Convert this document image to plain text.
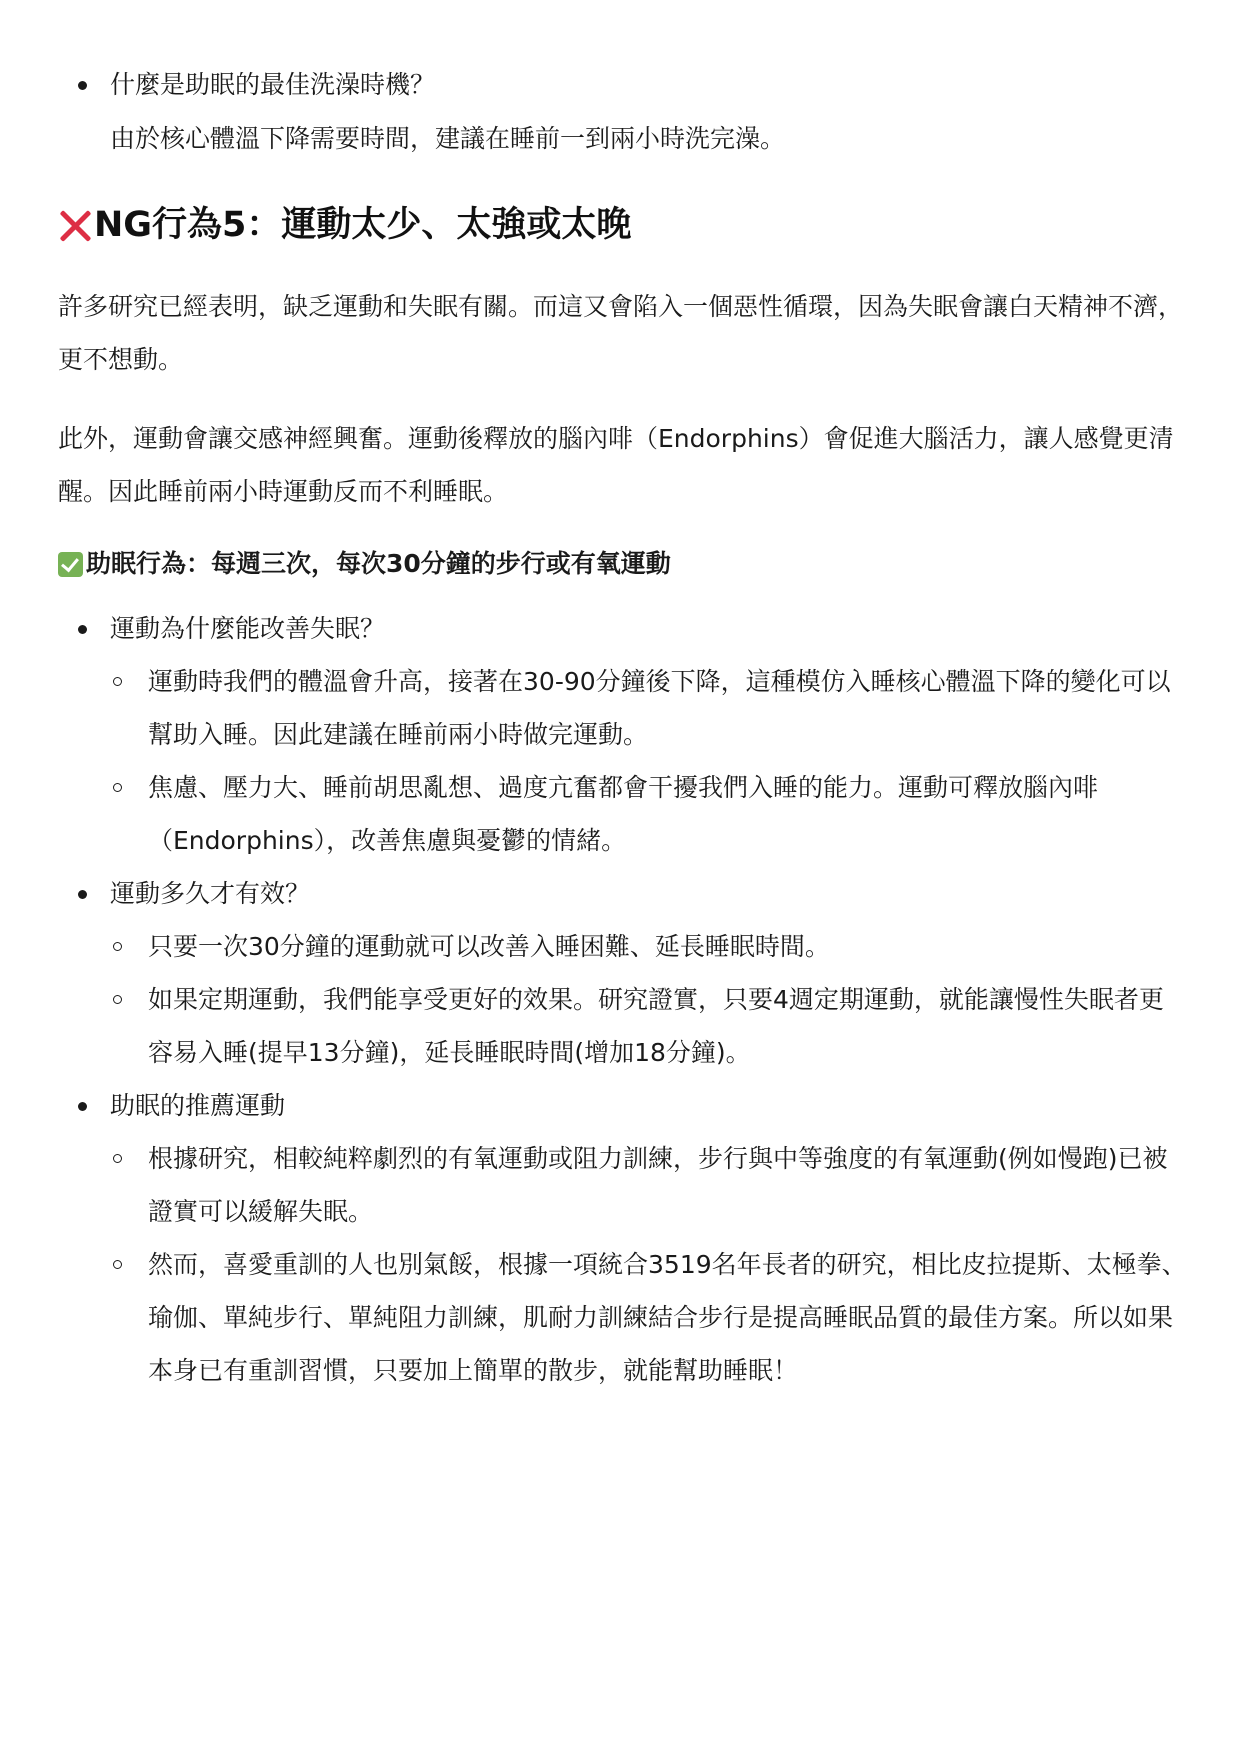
什麼是助眠的最佳洗澡時機？
由於核心體溫下降需要時間，建議在睡前一到兩小時洗完澡。
NG行為5：運動太少、太強或太晚

許多研究已經表明，缺乏運動和失眠有關。而這又會陷入一個惡性循環，因為失眠會讓白天精神不濟，更不想動。

此外，運動會讓交感神經興奮。運動後釋放的腦內啡（Endorphins）會促進大腦活力，讓人感覺更清醒。因此睡前兩小時運動反而不利睡眠。

助眠行為：每週三次，每次30分鐘的步行或有氧運動
運動為什麼能改善失眠？
運動時我們的體溫會升高，接著在30-90分鐘後下降，這種模仿入睡核心體溫下降的變化可以幫助入睡。因此建議在睡前兩小時做完運動。
焦慮、壓力大、睡前胡思亂想、過度亢奮都會干擾我們入睡的能力。運動可釋放腦內啡（Endorphins），改善焦慮與憂鬱的情緒。
運動多久才有效？
只要一次30分鐘的運動就可以改善入睡困難、延長睡眠時間。
如果定期運動，我們能享受更好的效果。研究證實，只要4週定期運動，就能讓慢性失眠者更容易入睡(提早13分鐘)，延長睡眠時間(增加18分鐘)。
助眠的推薦運動
根據研究，相較純粹劇烈的有氧運動或阻力訓練，步行與中等強度的有氧運動(例如慢跑)已被證實可以緩解失眠。
然而，喜愛重訓的人也別氣餒，根據一項統合3519名年長者的研究，相比皮拉提斯、太極拳、瑜伽、單純步行、單純阻力訓練，肌耐力訓練結合步行是提高睡眠品質的最佳方案。所以如果本身已有重訓習慣，只要加上簡單的散步，就能幫助睡眠！
